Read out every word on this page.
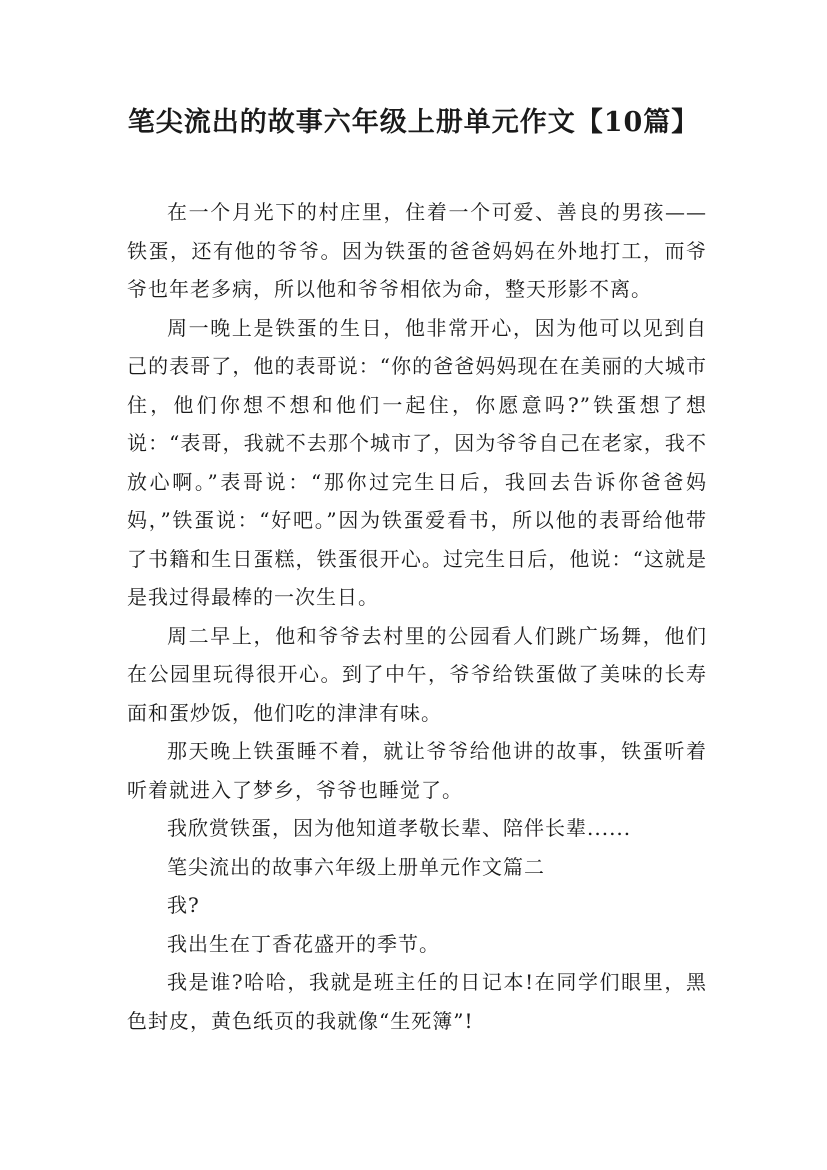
笔尖流出的故事六年级上册单元作文【10篇】

在一个月光下的村庄里，住着一个可爱、善良的男孩——铁蛋，还有他的爷爷。因为铁蛋的爸爸妈妈在外地打工，而爷爷也年老多病，所以他和爷爷相依为命，整天形影不离。

周一晚上是铁蛋的生日，他非常开心，因为他可以见到自己的表哥了，他的表哥说：“你的爸爸妈妈现在在美丽的大城市住，他们你想不想和他们一起住，你愿意吗?”铁蛋想了想说：“表哥，我就不去那个城市了，因为爷爷自己在老家，我不放心啊。”表哥说：“那你过完生日后，我回去告诉你爸爸妈妈，”铁蛋说：“好吧。”因为铁蛋爱看书，所以他的表哥给他带了书籍和生日蛋糕，铁蛋很开心。过完生日后，他说：“这就是是我过得最棒的一次生日。

周二早上，他和爷爷去村里的公园看人们跳广场舞，他们在公园里玩得很开心。到了中午，爷爷给铁蛋做了美味的长寿面和蛋炒饭，他们吃的津津有味。

那天晚上铁蛋睡不着，就让爷爷给他讲的故事，铁蛋听着听着就进入了梦乡，爷爷也睡觉了。

我欣赏铁蛋，因为他知道孝敬长辈、陪伴长辈......

笔尖流出的故事六年级上册单元作文篇二

我?

我出生在丁香花盛开的季节。

我是谁?哈哈，我就是班主任的日记本!在同学们眼里，黑色封皮，黄色纸页的我就像“生死簿”!
